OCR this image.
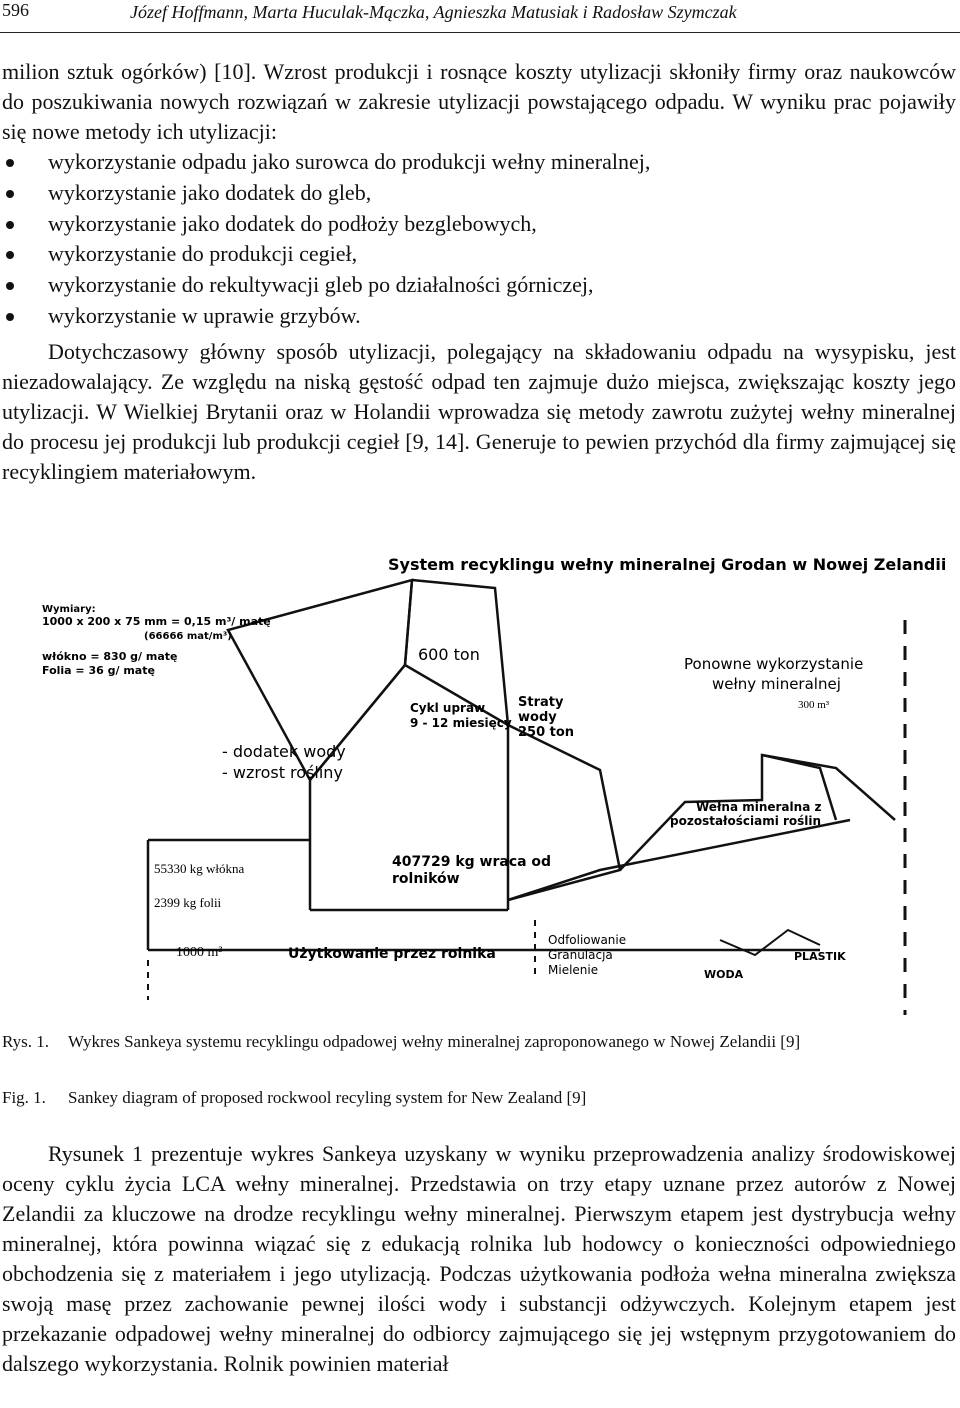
596	Józef Hoffmann, Marta Huculak-Mączka, Agnieszka Matusiak i Radosław Szymczak

milion sztuk ogórków) [10]. Wzrost produkcji i rosnące koszty utylizacji skłoniły firmy oraz naukowców do poszukiwania nowych rozwiązań w zakresie utylizacji powstającego odpadu. W wyniku prac pojawiły się nowe metody ich utylizacji:

wykorzystanie odpadu jako surowca do produkcji wełny mineralnej,
wykorzystanie jako dodatek do gleb,
wykorzystanie jako dodatek do podłoży bezglebowych,
wykorzystanie do produkcji cegieł,
wykorzystanie do rekultywacji gleb po działalności górniczej,
wykorzystanie w uprawie grzybów.

Dotychczasowy główny sposób utylizacji, polegający na składowaniu odpadu na wysypisku, jest niezadowalający. Ze względu na niską gęstość odpad ten zajmuje dużo miejsca, zwiększając koszty jego utylizacji. W Wielkiej Brytanii oraz w Holandii wprowadza się metody zawrotu zużytej wełny mineralnej do procesu jej produkcji lub produkcji cegieł [9, 14]. Generuje to pewien przychód dla firmy zajmującej się recyklingiem materiałowym.

System recyklingu wełny mineralnej Grodan w Nowej Zelandii
Wymiary:
1000 x 200 x 75 mm = 0,15 m³/ matę
(66666 mat/m³)
włókno = 830 g/ matę
Folia = 36 g/ matę
600 ton
Cykl upraw
9 - 12 miesięcy
Straty
wody
250 ton
Ponowne wykorzystanie
wełny mineralnej
300 m³
- dodatek wody
- wzrost rośliny
Wełna mineralna z
pozostałościami roślin
407729 kg wraca od
rolników
55330 kg włókna
2399 kg folii
1000 m³	Użytkowanie przez rolnika
Odfoliowanie
Granulacja
Mielenie	WODA
PLASTIK

Rys. 1. Wykres Sankeya systemu recyklingu odpadowej wełny mineralnej zaproponowanego w Nowej Zelandii [9]

Fig. 1. Sankey diagram of proposed rockwool recyling system for New Zealand [9]

Rysunek 1 prezentuje wykres Sankeya uzyskany w wyniku przeprowadzenia analizy środowiskowej oceny cyklu życia LCA wełny mineralnej. Przedstawia on trzy etapy uznane przez autorów z Nowej Zelandii za kluczowe na drodze recyklingu wełny mineralnej. Pierwszym etapem jest dystrybucja wełny mineralnej, która powinna wiązać się z edukacją rolnika lub hodowcy o konieczności odpowiedniego obchodzenia się z materiałem i jego utylizacją. Podczas użytkowania podłoża wełna mineralna zwiększa swoją masę przez zachowanie pewnej ilości wody i substancji odżywczych. Kolejnym etapem jest przekazanie odpadowej wełny mineralnej do odbiorcy zajmującego się jej wstępnym przygotowaniem do dalszego wykorzystania. Rolnik powinien materiał
